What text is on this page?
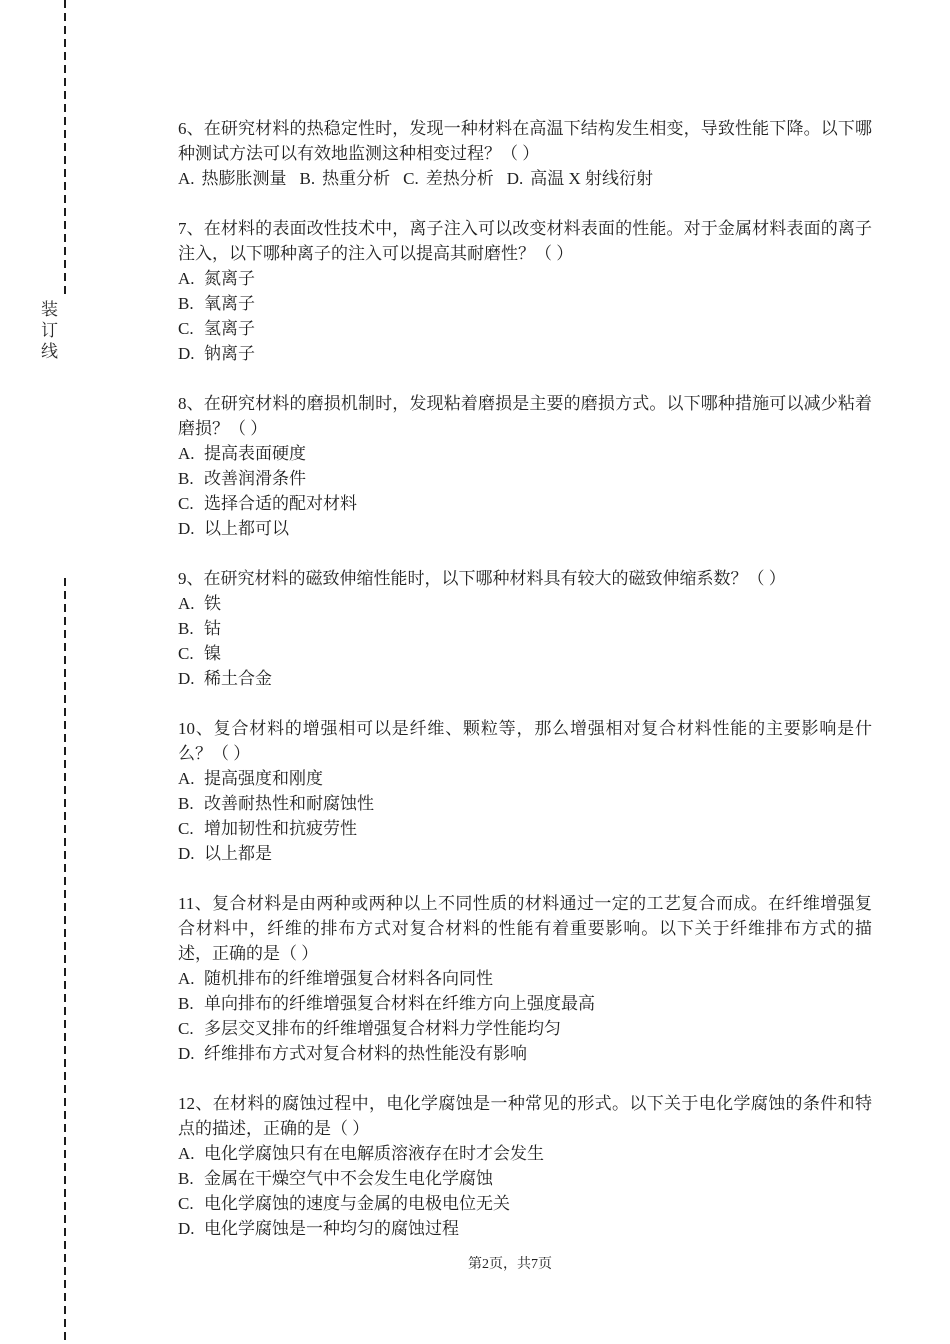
装订线

6、在研究材料的热稳定性时，发现一种材料在高温下结构发生相变，导致性能下降。以下哪种测试方法可以有效地监测这种相变过程？（ ）

A. 热膨胀测量 B. 热重分析 C. 差热分析 D. 高温 X 射线衍射

7、在材料的表面改性技术中，离子注入可以改变材料表面的性能。对于金属材料表面的离子注入，以下哪种离子的注入可以提高其耐磨性？（ ）

A. 氮离子
B. 氧离子
C. 氢离子
D. 钠离子

8、在研究材料的磨损机制时，发现粘着磨损是主要的磨损方式。以下哪种措施可以减少粘着磨损？（ ）

A. 提高表面硬度
B. 改善润滑条件
C. 选择合适的配对材料
D. 以上都可以

9、在研究材料的磁致伸缩性能时，以下哪种材料具有较大的磁致伸缩系数？（ ）

A. 铁
B. 钴
C. 镍
D. 稀土合金

10、复合材料的增强相可以是纤维、颗粒等，那么增强相对复合材料性能的主要影响是什么？（ ）

A. 提高强度和刚度
B. 改善耐热性和耐腐蚀性
C. 增加韧性和抗疲劳性
D. 以上都是

11、复合材料是由两种或两种以上不同性质的材料通过一定的工艺复合而成。在纤维增强复合材料中，纤维的排布方式对复合材料的性能有着重要影响。以下关于纤维排布方式的描述，正确的是（ ）

A. 随机排布的纤维增强复合材料各向同性
B. 单向排布的纤维增强复合材料在纤维方向上强度最高
C. 多层交叉排布的纤维增强复合材料力学性能均匀
D. 纤维排布方式对复合材料的热性能没有影响

12、在材料的腐蚀过程中，电化学腐蚀是一种常见的形式。以下关于电化学腐蚀的条件和特点的描述，正确的是（ ）

A. 电化学腐蚀只有在电解质溶液存在时才会发生
B. 金属在干燥空气中不会发生电化学腐蚀
C. 电化学腐蚀的速度与金属的电极电位无关
D. 电化学腐蚀是一种均匀的腐蚀过程
第2页，共7页
